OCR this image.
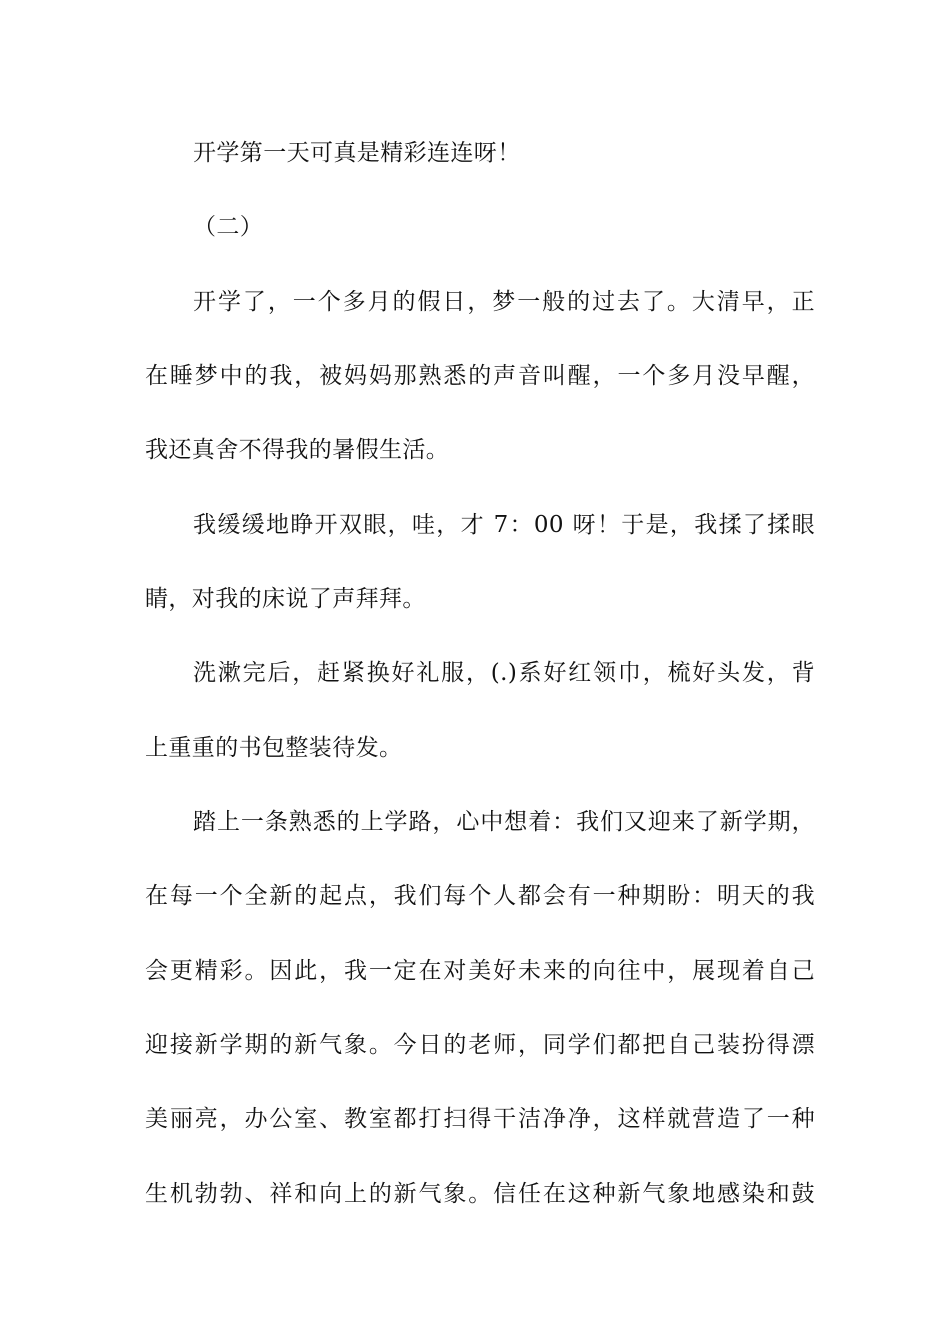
开学第一天可真是精彩连连呀！
（二）
开学了，一个多月的假日，梦一般的过去了。大清早，正
在睡梦中的我，被妈妈那熟悉的声音叫醒，一个多月没早醒，
我还真舍不得我的暑假生活。
我缓缓地睁开双眼，哇，才 7：00 呀！于是，我揉了揉眼
睛，对我的床说了声拜拜。
洗漱完后，赶紧换好礼服，(.)系好红领巾，梳好头发，背
上重重的书包整装待发。
踏上一条熟悉的上学路，心中想着：我们又迎来了新学期，
在每一个全新的起点，我们每个人都会有一种期盼：明天的我
会更精彩。因此，我一定在对美好未来的向往中，展现着自己
迎接新学期的新气象。今日的老师，同学们都把自己装扮得漂
美丽亮，办公室、教室都打扫得干洁净净，这样就营造了一种
生机勃勃、祥和向上的新气象。信任在这种新气象地感染和鼓
